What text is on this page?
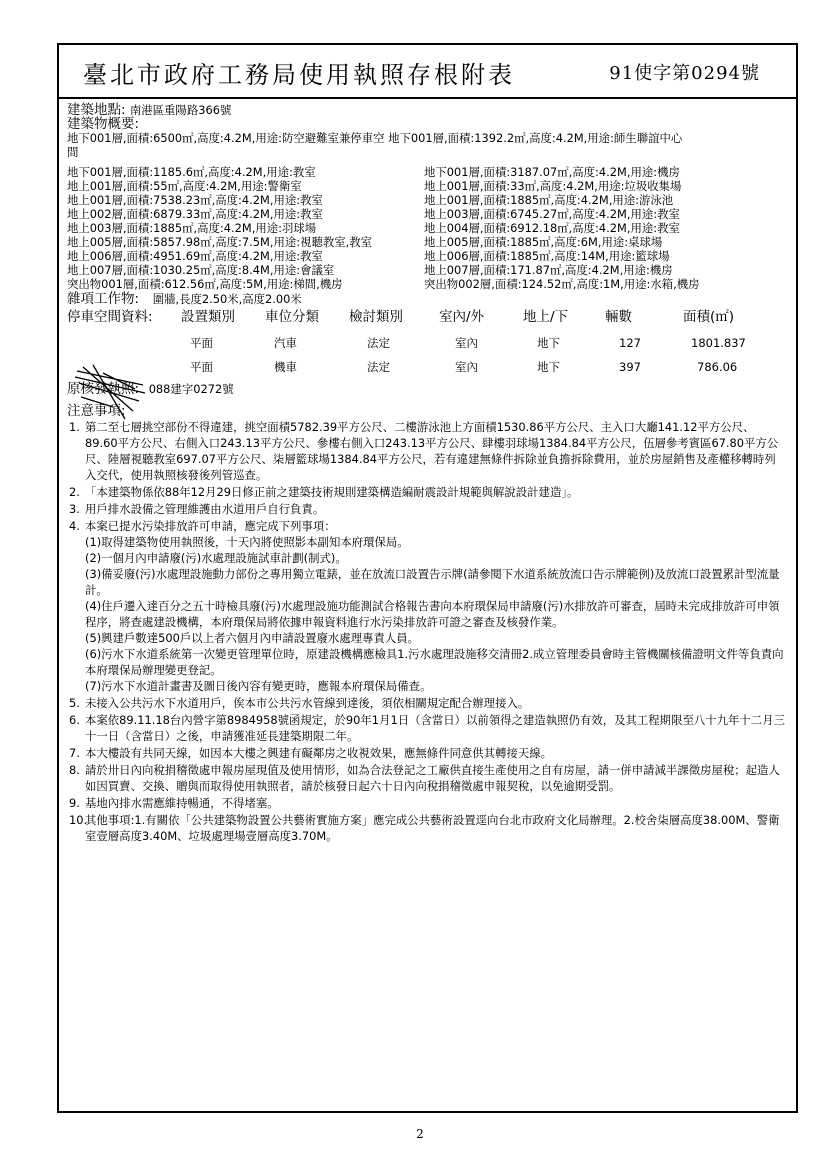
臺北市政府工務局使用執照存根附表	91使字第0294號
建築地點: 南港區重陽路366號
建築物概要:
地下001層,面積:6500㎡,高度:4.2M,用途:防空避難室兼停車空 地下001層,面積:1392.2㎡,高度:4.2M,用途:師生聯誼中心
間
地下001層,面積:1185.6㎡,高度:4.2M,用途:教室	地下001層,面積:3187.07㎡,高度:4.2M,用途:機房
地上001層,面積:55㎡,高度:4.2M,用途:警衛室	地上001層,面積:33㎡,高度:4.2M,用途:垃圾收集場
地上001層,面積:7538.23㎡,高度:4.2M,用途:教室	地上001層,面積:1885㎡,高度:4.2M,用途:游泳池
地上002層,面積:6879.33㎡,高度:4.2M,用途:教室	地上003層,面積:6745.27㎡,高度:4.2M,用途:教室
地上003層,面積:1885㎡,高度:4.2M,用途:羽球場	地上004層,面積:6912.18㎡,高度:4.2M,用途:教室
地上005層,面積:5857.98㎡,高度:7.5M,用途:視聽教室,教室	地上005層,面積:1885㎡,高度:6M,用途:桌球場
地上006層,面積:4951.69㎡,高度:4.2M,用途:教室	地上006層,面積:1885㎡,高度:14M,用途:籃球場
地上007層,面積:1030.25㎡,高度:8.4M,用途:會議室	地上007層,面積:171.87㎡,高度:4.2M,用途:機房
突出物001層,面積:612.56㎡,高度:5M,用途:梯間,機房	突出物002層,面積:124.52㎡,高度:1M,用途:水箱,機房
雜項工作物: 圍牆,長度2.50米,高度2.00米
停車空間資料: 設置類別 車位分類 檢討類別	室內/外	地上/下	輛數	面積(㎡)
平面	汽車	法定	室內	地下	127	1801.837
平面	機車	法定	室內	地下	397	786.06
原核發執照: 088建字0272號
注意事項:
1. 第二至七層挑空部份不得違建，挑空面積5782.39平方公尺、二樓游泳池上方面積1530.86平方公尺、主入口大廳141.12平方公尺、89.60平方公尺、右側入口243.13平方公尺、參樓右側入口243.13平方公尺、肆樓羽球場1384.84平方公尺，伍層參考賓區67.80平方公尺、陸層視聽教室697.07平方公尺、柒層籃球場1384.84平方公尺，若有違建無條件拆除並負擔拆除費用，並於房屋銷售及產權移轉時列入交代，使用執照核發後列管巡查。
2. 「本建築物係依88年12月29日修正前之建築技術規則建築構造編耐震設計規範與解說設計建造」。
3. 用戶排水設備之管理維護由水道用戶自行負責。
4. 本案已提水污染排放許可申請，應完成下列事項：
(1)取得建築物使用執照後，十天內將使照影本副知本府環保局。
(2)一個月內申請廢(污)水處理設施試車計劃(制式)。
(3)備妥廢(污)水處理設施動力部份之專用獨立電錶，並在放流口設置告示牌(請參閱下水道系統放流口告示牌範例)及放流口設置累計型流量計。
(4)住戶遷入達百分之五十時檢具廢(污)水處理設施功能測試合格報告書向本府環保局申請廢(污)水排放許可審查，屆時未完成排放許可申領程序，將查處建設機構，本府環保局將依據申報資料進行水污染排放許可證之審查及核發作業。
(5)興建戶數達500戶以上者六個月內申請設置廢水處理專責人員。
(6)污水下水道系統第一次變更管理單位時，原建設機構應檢具1.污水處理設施移交清冊2.成立管理委員會時主管機關核備證明文件等負責向本府環保局辦理變更登記。
(7)污水下水道計畫書及圖日後內容有變更時，應報本府環保局備查。
5. 未接入公共污水下水道用戶，俟本市公共污水管線到達後，須依相關規定配合辦理接入。
6. 本案依89.11.18台內營字第8984958號函規定，於90年1月1日（含當日）以前領得之建造執照仍有效，及其工程期限至八十九年十二月三十一日（含當日）之後，申請獲准延長建築期限二年。
7. 本大樓設有共同天線，如因本大樓之興建有礙鄰房之收視效果，應無條件同意供其轉接天線。
8. 請於卅日內向稅捐稽徵處申報房屋現值及使用情形，如為合法登記之工廠供直接生產使用之自有房屋，請一併申請減半課徵房屋稅；起造人如因買賣、交換、贈與而取得使用執照者，請於核發日起六十日內向稅捐稽徵處申報契稅，以免逾期受罰。
9. 基地內排水需應維持暢通，不得堵塞。
10.
其他事項:1.有關依「公共建築物設置公共藝術實施方案」應完成公共藝術設置逕向台北市政府文化局辦理。2.校舍柒層高度38.00M、警衛室壹層高度3.40M、垃圾處理場壹層高度3.70M。
2
